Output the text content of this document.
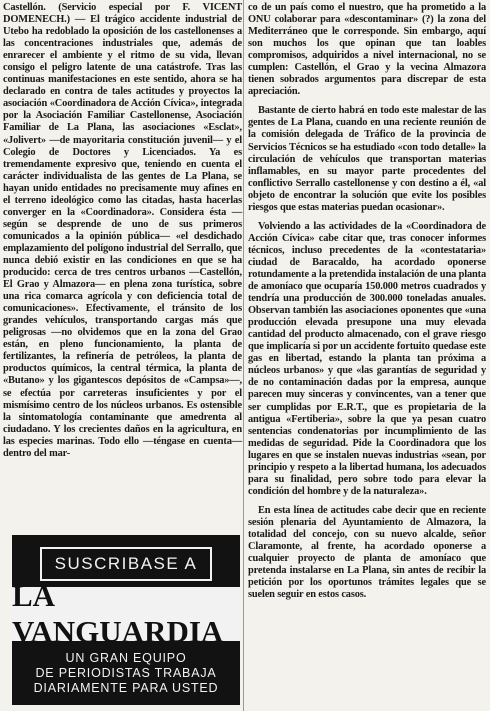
Castellón. (Servicio especial por F. VICENT DOMENECH.) — El trágico accidente industrial de Utebo ha redoblado la oposición de los castellonenses a las concentraciones industriales que, además de enrarecer el ambiente y el ritmo de su vida, llevan consigo el peligro latente de una catástrofe. Tras las continuas manifestaciones en este sentido, ahora se ha declarado en contra de tales actitudes y proyectos la asociación «Coordinadora de Acción Cívica», integrada por la Asociación Familiar Castellonense, Asociación Familiar de La Plana, las asociaciones «Esclat», «Jolivert» —de mayoritaria constitución juvenil— y el Colegio de Doctores y Licenciados. Ya es tremendamente expresivo que, teniendo en cuenta el carácter individualista de las gentes de La Plana, se hayan unido entidades no precisamente muy afines en el terreno ideológico como las citadas, hasta hacerlas converger en la «Coordinadora». Considera ésta —según se desprende de uno de sus primeros comunicados a la opinión pública— «el desdichado emplazamiento del polígono industrial del Serrallo, que nunca debió existir en las condiciones en que se ha producido: cerca de tres centros urbanos —Castellón, El Grao y Almazora— en plena zona turística, sobre una rica comarca agrícola y con deficiencia total de comunicaciones». Efectivamente, el tránsito de los grandes vehículos, transportando cargas más que peligrosas —no olvidemos que en la zona del Grao están, en pleno funcionamiento, la planta de fertilizantes, la refinería de petróleos, la planta de productos químicos, la central térmica, la planta de «Butano» y los gigantescos depósitos de «Campsa»—, se efectúa por carreteras insuficientes y por el mismísimo centro de los núcleos urbanos. Es ostensible la sintomatología contaminante que amedrenta al ciudadano. Y los crecientes daños en la agricultura, en las especies marinas. Todo ello —téngase en cuenta— dentro del mar-

co de un país como el nuestro, que ha prometido a la ONU colaborar para «descontaminar» (?) la zona del Mediterráneo que le corresponde. Sin embargo, aquí son muchos los que opinan que tan loables compromisos, adquiridos a nivel internacional, no se cumplen: Castellón, el Grao y la vecina Almazora tienen sobrados argumentos para discrepar de esta apreciación.

Bastante de cierto habrá en todo este malestar de las gentes de La Plana, cuando en una reciente reunión de la comisión delegada de Tráfico de la provincia de Servicios Técnicos se ha estudiado «con todo detalle» la circulación de vehículos que transportan materias inflamables, en su mayor parte procedentes del conflictivo Serrallo castellonense y con destino a él, «al objeto de encontrar la solución que evite los posibles riesgos que estas materias puedan ocasionar».

Volviendo a las actividades de la «Coordinadora de Acción Cívica» cabe citar que, tras conocer informes técnicos, incluso precedentes de la «contestataria» ciudad de Baracaldo, ha acordado oponerse rotundamente a la pretendida instalación de una planta de amoníaco que ocuparía 150.000 metros cuadrados y tendría una producción de 300.000 toneladas anuales. Observan también las asociaciones oponentes que «una producción elevada presupone una muy elevada cantidad del producto almacenado, con el grave riesgo que implicaría si por un accidente fortuito quedase este gas en libertad, estando la planta tan próxima a núcleos urbanos» y que «las garantías de seguridad y de no contaminación dadas por la empresa, aunque parecen muy sinceras y convincentes, van a tener que ser cumplidas por E.R.T., que es propietaria de la antigua «Fertiberia», sobre la que ya pesan cuatro sentencias condenatorias por incumplimiento de las medidas de seguridad. Pide la Coordinadora que los lugares en que se instalen nuevas industrias «sean, por principio y respeto a la libertad humana, los adecuados para su finalidad, pero sobre todo para elevar la condición del hombre y de la naturaleza».

En esta línea de actitudes cabe decir que en reciente sesión plenaria del Ayuntamiento de Almazora, la totalidad del concejo, con su nuevo alcalde, señor Claramonte, al frente, ha acordado oponerse a cualquier proyecto de planta de amoníaco que pretenda instalarse en La Plana, sin antes de recibir la petición por los oportunos trámites legales que se suelen seguir en estos casos.

SUSCRIBASE A
LA VANGUARDIA
UN GRAN EQUIPO
DE PERIODISTAS TRABAJA
DIARIAMENTE PARA USTED
